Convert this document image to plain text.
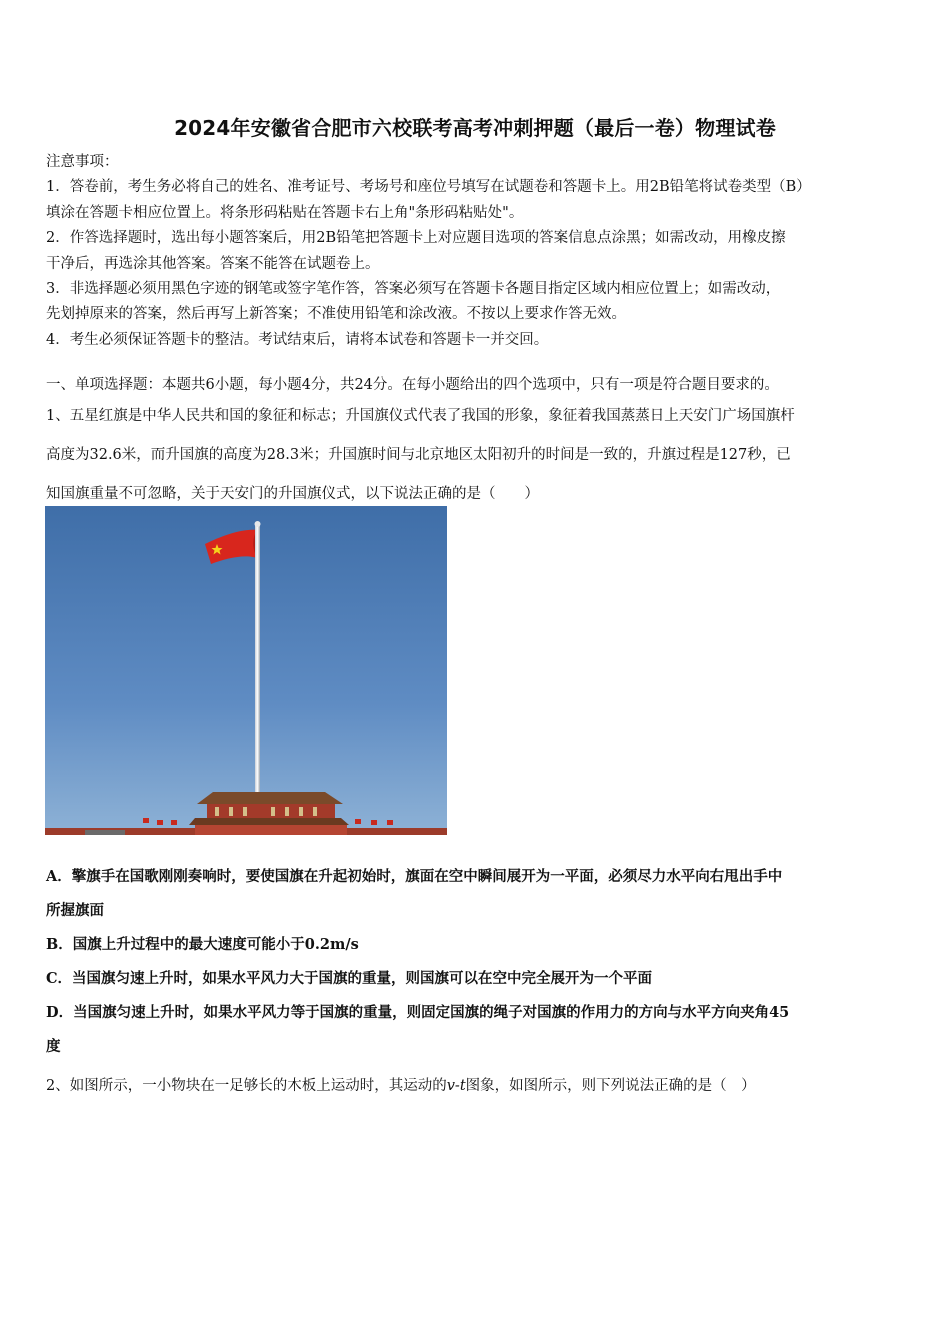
2024年安徽省合肥市六校联考高考冲刺押题（最后一卷）物理试卷

注意事项：

1．答卷前，考生务必将自己的姓名、准考证号、考场号和座位号填写在试题卷和答题卡上。用2B铅笔将试卷类型（B）

填涂在答题卡相应位置上。将条形码粘贴在答题卡右上角"条形码粘贴处"。

2．作答选择题时，选出每小题答案后，用2B铅笔把答题卡上对应题目选项的答案信息点涂黑；如需改动，用橡皮擦

干净后，再选涂其他答案。答案不能答在试题卷上。

3．非选择题必须用黑色字迹的钢笔或签字笔作答，答案必须写在答题卡各题目指定区域内相应位置上；如需改动，

先划掉原来的答案，然后再写上新答案；不准使用铅笔和涂改液。不按以上要求作答无效。

4．考生必须保证答题卡的整洁。考试结束后，请将本试卷和答题卡一并交回。

一、单项选择题：本题共6小题，每小题4分，共24分。在每小题给出的四个选项中，只有一项是符合题目要求的。

1、五星红旗是中华人民共和国的象征和标志；升国旗仪式代表了我国的形象，象征着我国蒸蒸日上天安门广场国旗杆

高度为32.6米，而升国旗的高度为28.3米；升国旗时间与北京地区太阳初升的时间是一致的，升旗过程是127秒，已

知国旗重量不可忽略，关于天安门的升国旗仪式，以下说法正确的是（　　）

A．擎旗手在国歌刚刚奏响时，要使国旗在升起初始时，旗面在空中瞬间展开为一平面，必须尽力水平向右甩出手中

所握旗面

B．国旗上升过程中的最大速度可能小于0.2m/s

C．当国旗匀速上升时，如果水平风力大于国旗的重量，则国旗可以在空中完全展开为一个平面

D．当国旗匀速上升时，如果水平风力等于国旗的重量，则固定国旗的绳子对国旗的作用力的方向与水平方向夹角45

度

2、如图所示，一小物块在一足够长的木板上运动时，其运动的v-t图象，如图所示，则下列说法正确的是（　）
